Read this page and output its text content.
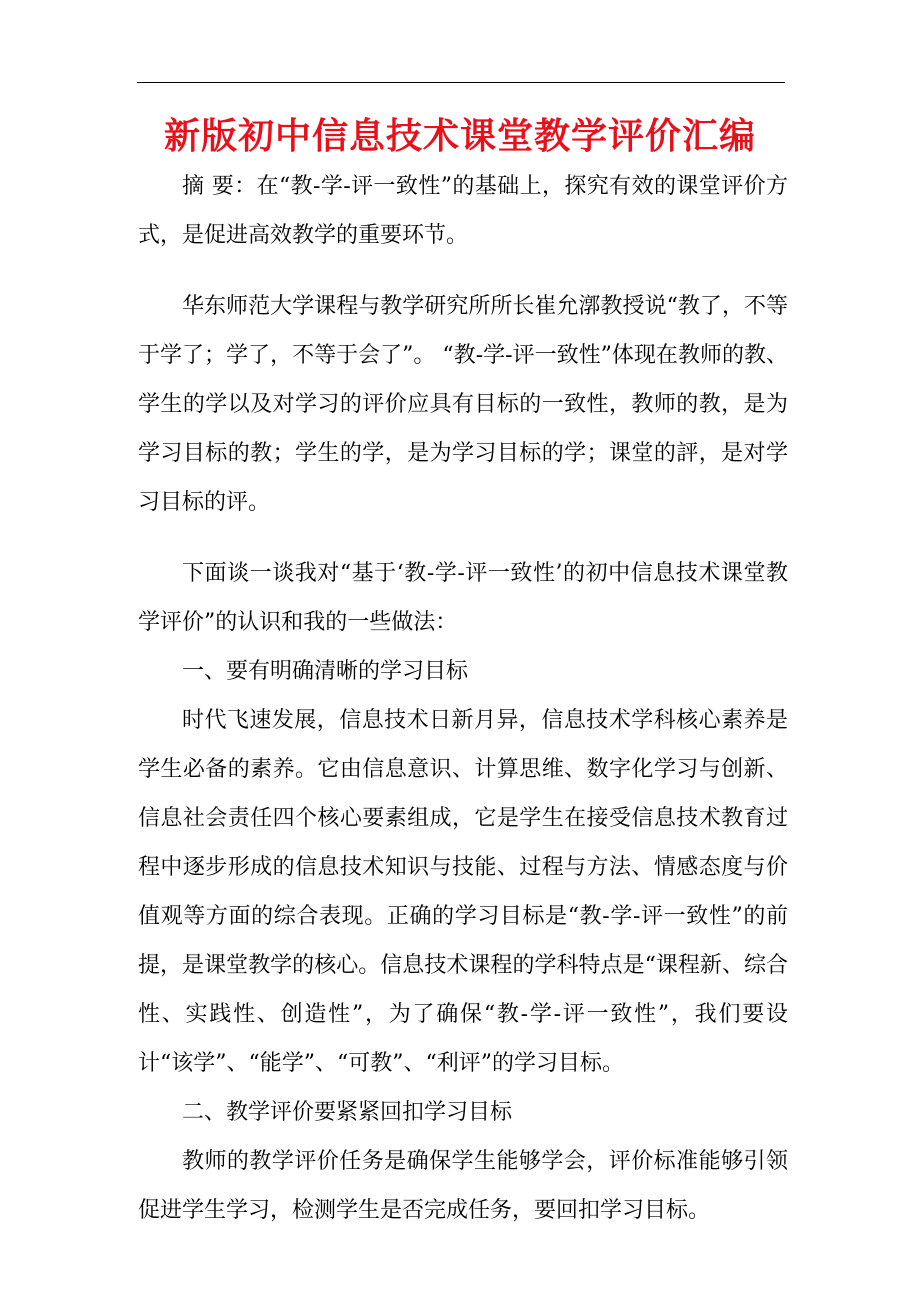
新版初中信息技术课堂教学评价汇编

摘 要：在“教-学-评一致性”的基础上，探究有效的课堂评价方式，是促进高效教学的重要环节。

华东师范大学课程与教学研究所所长崔允漷教授说“教了，不等于学了；学了，不等于会了”。 “教-学-评一致性”体现在教师的教、学生的学以及对学习的评价应具有目标的一致性，教师的教，是为学习目标的教；学生的学，是为学习目标的学；课堂的評，是对学习目标的评。

下面谈一谈我对“基于‘教-学-评一致性’的初中信息技术课堂教学评价”的认识和我的一些做法：

一、要有明确清晰的学习目标

时代飞速发展，信息技术日新月异，信息技术学科核心素养是学生必备的素养。它由信息意识、计算思维、数字化学习与创新、信息社会责任四个核心要素组成，它是学生在接受信息技术教育过程中逐步形成的信息技术知识与技能、过程与方法、情感态度与价值观等方面的综合表现。正确的学习目标是“教-学-评一致性”的前提，是课堂教学的核心。信息技术课程的学科特点是“课程新、综合性、实践性、创造性”，为了确保“教-学-评一致性”，我们要设计“该学”、“能学”、“可教”、“利评”的学习目标。

二、教学评价要紧紧回扣学习目标

教师的教学评价任务是确保学生能够学会，评价标准能够引领促进学生学习，检测学生是否完成任务，要回扣学习目标。
